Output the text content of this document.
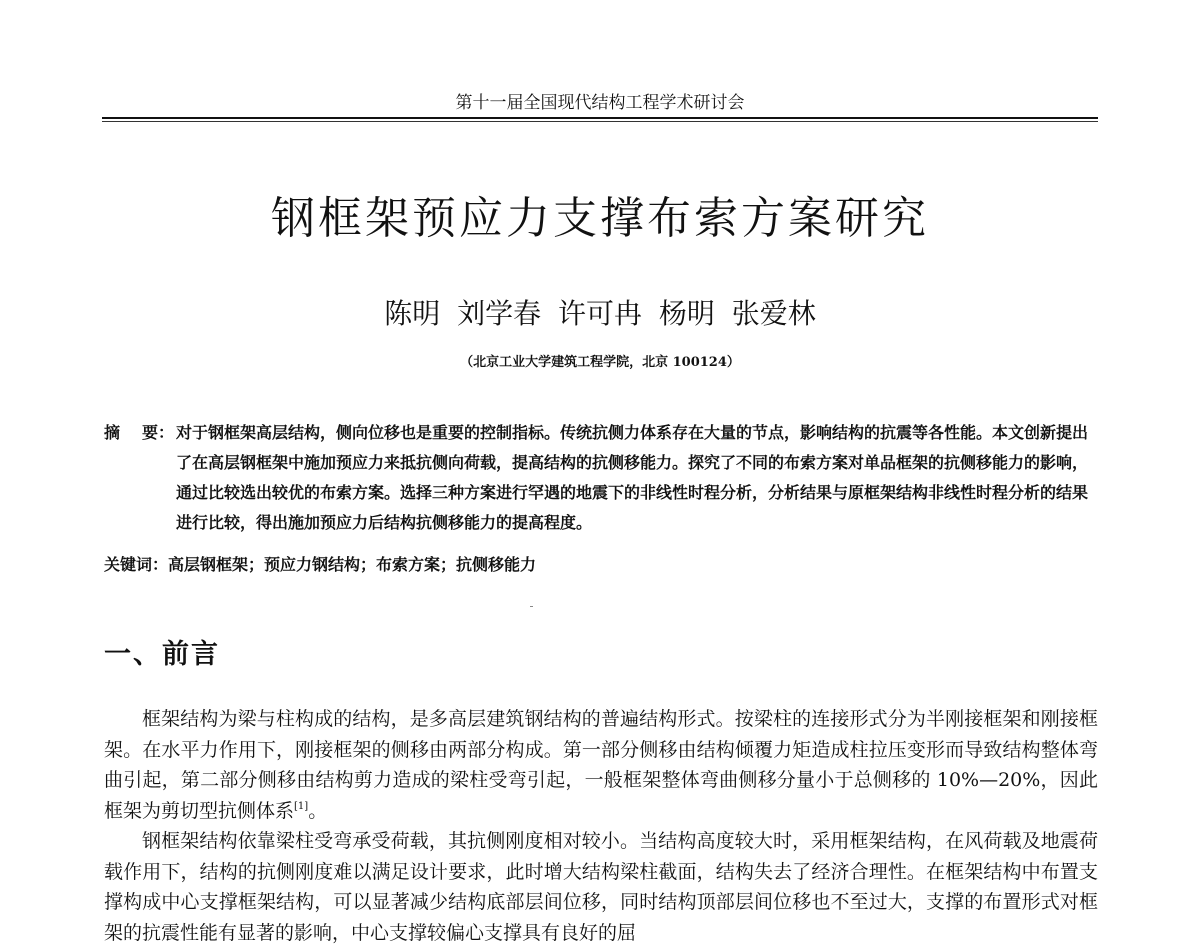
第十一届全国现代结构工程学术研讨会
钢框架预应力支撑布索方案研究
陈明 刘学春 许可冉 杨明 张爱林
（北京工业大学建筑工程学院，北京 100124）
摘 要： 对于钢框架高层结构，侧向位移也是重要的控制指标。传统抗侧力体系存在大量的节点，影响结构的抗震等各性能。本文创新提出了在高层钢框架中施加预应力来抵抗侧向荷载，提高结构的抗侧移能力。探究了不同的布索方案对单品框架的抗侧移能力的影响，通过比较选出较优的布索方案。选择三种方案进行罕遇的地震下的非线性时程分析，分析结果与原框架结构非线性时程分析的结果进行比较，得出施加预应力后结构抗侧移能力的提高程度。
关键词：高层钢框架；预应力钢结构；布索方案；抗侧移能力
一、前言

框架结构为梁与柱构成的结构，是多高层建筑钢结构的普遍结构形式。按梁柱的连接形式分为半刚接框架和刚接框架。在水平力作用下，刚接框架的侧移由两部分构成。第一部分侧移由结构倾覆力矩造成柱拉压变形而导致结构整体弯曲引起，第二部分侧移由结构剪力造成的梁柱受弯引起，一般框架整体弯曲侧移分量小于总侧移的 10%—20%，因此框架为剪切型抗侧体系[1]。

钢框架结构依靠梁柱受弯承受荷载，其抗侧刚度相对较小。当结构高度较大时，采用框架结构，在风荷载及地震荷载作用下，结构的抗侧刚度难以满足设计要求，此时增大结构梁柱截面，结构失去了经济合理性。在框架结构中布置支撑构成中心支撑框架结构，可以显著减少结构底部层间位移，同时结构顶部层间位移也不至过大，支撑的布置形式对框架的抗震性能有显著的影响，中心支撑较偏心支撑具有良好的屈
